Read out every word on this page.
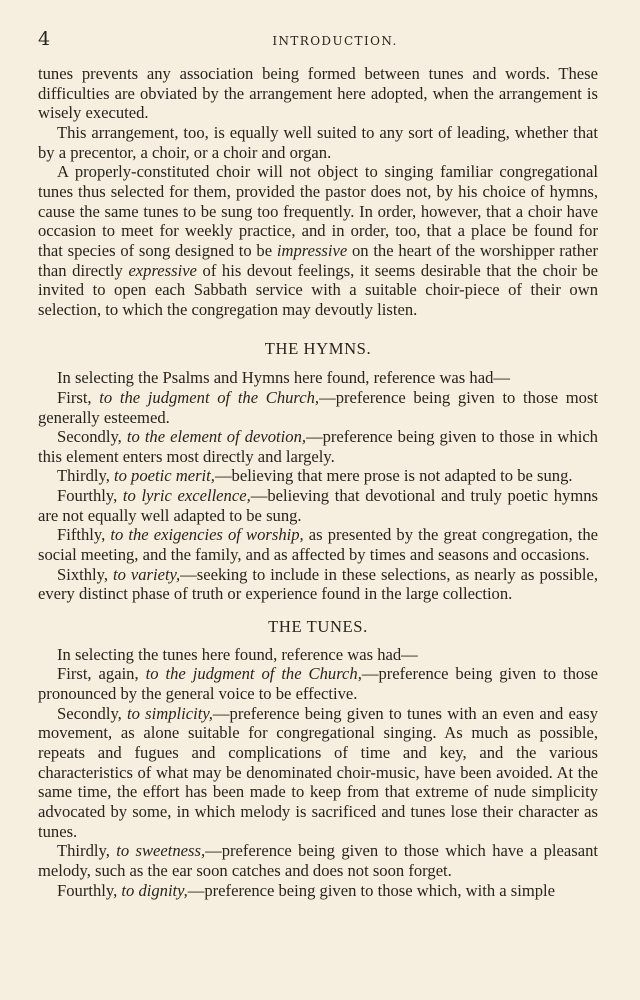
4	INTRODUCTION.

tunes prevents any association being formed between tunes and words. These difficulties are obviated by the arrangement here adopted, when the arrangement is wisely executed.

This arrangement, too, is equally well suited to any sort of leading, whether that by a precentor, a choir, or a choir and organ.

A properly-constituted choir will not object to singing familiar congregational tunes thus selected for them, provided the pastor does not, by his choice of hymns, cause the same tunes to be sung too frequently. In order, however, that a choir have occasion to meet for weekly practice, and in order, too, that a place be found for that species of song designed to be impressive on the heart of the worshipper rather than directly expressive of his devout feelings, it seems desirable that the choir be invited to open each Sabbath service with a suitable choir-piece of their own selection, to which the congregation may devoutly listen.

THE HYMNS.

In selecting the Psalms and Hymns here found, reference was had—

First, to the judgment of the Church,—preference being given to those most generally esteemed.

Secondly, to the element of devotion,—preference being given to those in which this element enters most directly and largely.

Thirdly, to poetic merit,—believing that mere prose is not adapted to be sung.

Fourthly, to lyric excellence,—believing that devotional and truly poetic hymns are not equally well adapted to be sung.

Fifthly, to the exigencies of worship, as presented by the great congregation, the social meeting, and the family, and as affected by times and seasons and occasions.

Sixthly, to variety,—seeking to include in these selections, as nearly as possible, every distinct phase of truth or experience found in the large collection.

THE TUNES.

In selecting the tunes here found, reference was had—

First, again, to the judgment of the Church,—preference being given to those pronounced by the general voice to be effective.

Secondly, to simplicity,—preference being given to tunes with an even and easy movement, as alone suitable for congregational singing. As much as possible, repeats and fugues and complications of time and key, and the various characteristics of what may be denominated choir-music, have been avoided. At the same time, the effort has been made to keep from that extreme of nude simplicity advocated by some, in which melody is sacrificed and tunes lose their character as tunes.

Thirdly, to sweetness,—preference being given to those which have a pleasant melody, such as the ear soon catches and does not soon forget.

Fourthly, to dignity,—preference being given to those which, with a simple
